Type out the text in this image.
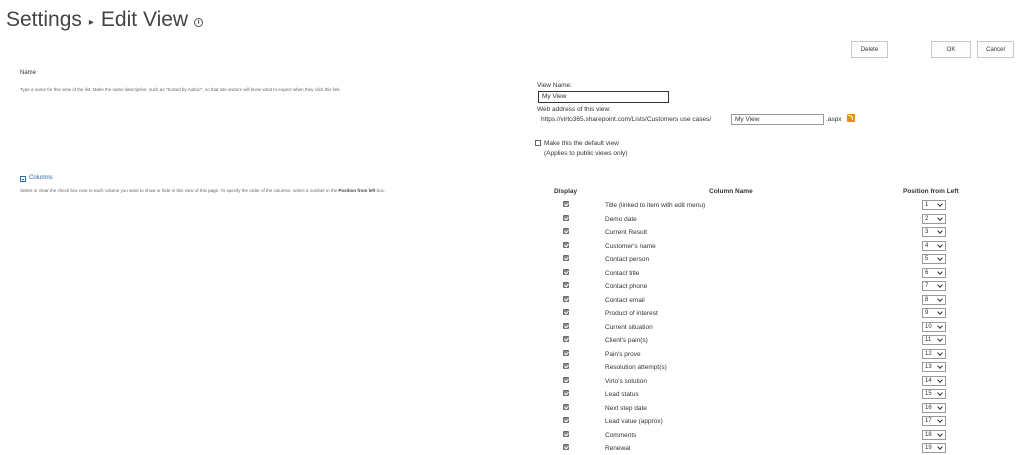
Settings ▸ Edit View	i
Delete	OK	Cancel
Name
Type a name for this view of the list. Make the name descriptive, such as "Sorted by Author", so that site visitors will know what to expect when they click this link.
View Name:
My View
Web address of this view:
https://virto365.sharepoint.com/Lists/Customers use cases/	My View	.aspx
Make this the default view
(Applies to public views only)
Columns
Select or clear the check box next to each column you want to show or hide in this view of this page. To specify the order of the columns, select a number in the Position from left box.	Display	Column Name	Position from Left
Title (linked to item with edit menu)	1
Demo date	2
Current Result	3
Customer's name	4
Contact person	5
Contact title	6
Contact phone	7
Contact email	8
Product of interest	9
Current situation	10
Client's pain(s)	11
Pain's prove	12
Resolution attempt(s)	13
Virto's solution	14
Lead status	15
Next step date	16
Lead value (approx)	17
Comments	18
Renewal	19
